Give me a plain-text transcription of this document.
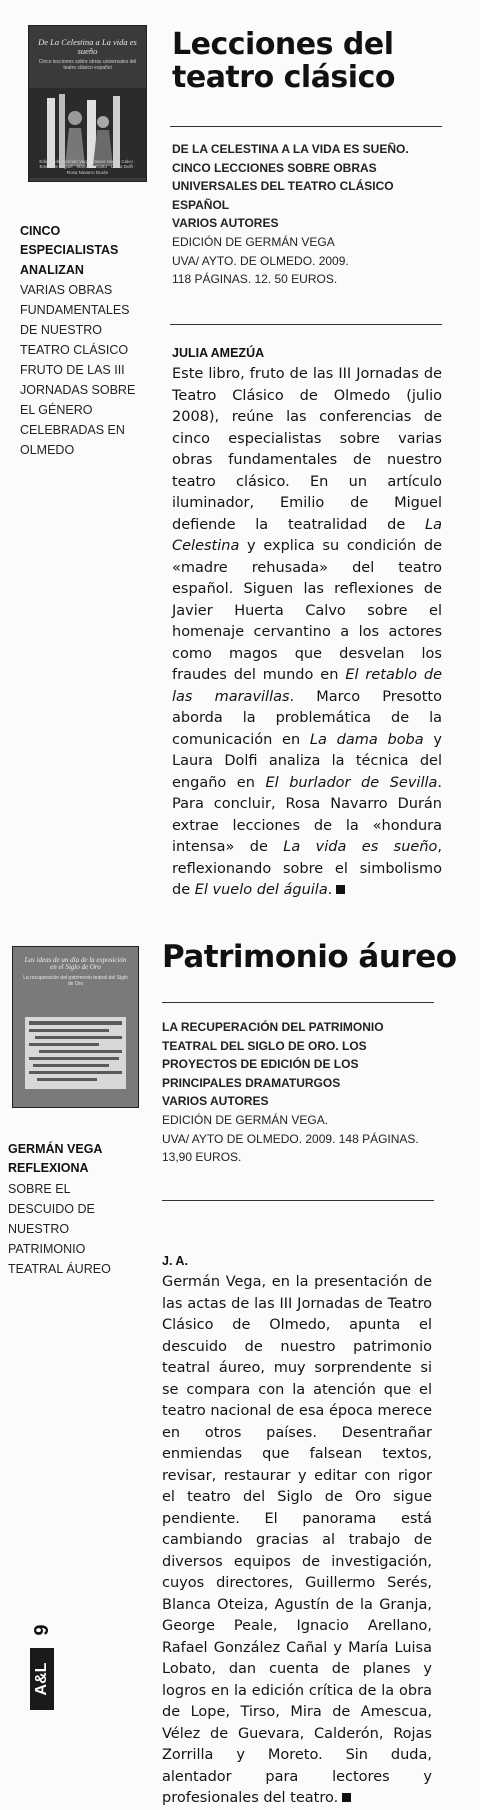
De La Celestina a La vida es sueño
Cinco lecciones sobre obras universales del teatro clásico español
Edición de Germán Vega · Javier Huerta Calvo · Emilio de Miguel · Marco Presotto · Laura Dolfi · Rosa Navarro Durán
Lecciones del
teatro clásico
DE LA CELESTINA A LA VIDA ES SUEÑO. CINCO LECCIONES SOBRE OBRAS UNIVERSALES DEL TEATRO CLÁSICO ESPAÑOL
VARIOS AUTORES
EDICIÓN DE GERMÁN VEGA
UVA/ AYTO. DE OLMEDO. 2009.
118 PÁGINAS. 12. 50 EUROS.
CINCO ESPECIALISTAS ANALIZAN
VARIAS OBRAS FUNDAMENTALES DE NUESTRO TEATRO CLÁSICO FRUTO DE LAS III JORNADAS SOBRE EL GÉNERO CELEBRADAS EN OLMEDO
JULIA AMEZÚA
Este libro, fruto de las III Jornadas de Teatro Clásico de Olmedo (julio 2008), reúne las conferencias de cinco especialistas sobre varias obras fundamentales de nuestro teatro clásico. En un artículo iluminador, Emilio de Miguel defiende la teatralidad de La Celestina y explica su condición de «madre rehusada» del teatro español. Siguen las reflexiones de Javier Huerta Calvo sobre el homenaje cervantino a los actores como magos que desvelan los fraudes del mundo en El retablo de las maravillas. Marco Presotto aborda la problemática de la comunicación en La dama boba y Laura Dolfi analiza la técnica del engaño en El burlador de Sevilla. Para concluir, Rosa Navarro Durán extrae lecciones de la «hondura intensa» de La vida es sueño, reflexionando sobre el simbolismo de El vuelo del águila.
Las ideas de un día de la exposición en el Siglo de Oro
La recuperación del patrimonio teatral del Siglo de Oro
Patrimonio áureo
LA RECUPERACIÓN DEL PATRIMONIO TEATRAL DEL SIGLO DE ORO. LOS PROYECTOS DE EDICIÓN DE LOS PRINCIPALES DRAMATURGOS
VARIOS AUTORES
EDICIÓN DE GERMÁN VEGA.
UVA/ AYTO DE OLMEDO. 2009. 148 PÁGINAS. 13,90 EUROS.
GERMÁN VEGA REFLEXIONA
SOBRE EL DESCUIDO DE NUESTRO PATRIMONIO TEATRAL ÁUREO
J. A.
Germán Vega, en la presentación de las actas de las III Jornadas de Teatro Clásico de Olmedo, apunta el descuido de nuestro patrimonio teatral áureo, muy sorprendente si se compara con la atención que el teatro nacional de esa época merece en otros países. Desentrañar enmiendas que falsean textos, revisar, restaurar y editar con rigor el teatro del Siglo de Oro sigue pendiente. El panorama está cambiando gracias al trabajo de diversos equipos de investigación, cuyos directores, Guillermo Serés, Blanca Oteiza, Agustín de la Granja, George Peale, Ignacio Arellano, Rafael González Cañal y María Luisa Lobato, dan cuenta de planes y logros en la edición crítica de la obra de Lope, Tirso, Mira de Amescua, Vélez de Guevara, Calderón, Rojas Zorrilla y Moreto. Sin duda, alentador para lectores y profesionales del teatro.
9
A&L
